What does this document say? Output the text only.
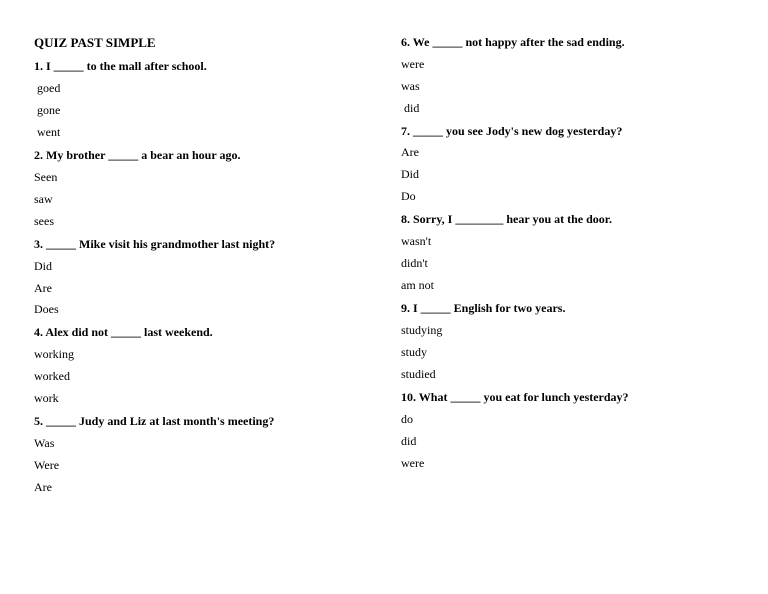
QUIZ PAST SIMPLE
1. I _____ to the mall after school.
goed
gone
went
2. My brother _____ a bear an hour ago.
Seen
saw
sees
3. _____ Mike visit his grandmother last night?
Did
Are
Does
4. Alex did not _____ last weekend.
working
worked
work
5. _____ Judy and Liz at last month's meeting?
Was
Were
Are
6. We _____ not happy after the sad ending.
were
was
did
7. _____ you see Jody's new dog yesterday?
Are
Did
Do
8. Sorry, I ________ hear you at the door.
wasn't
didn't
am not
9. I _____ English for two years.
studying
study
studied
10. What _____ you eat for lunch yesterday?
do
did
were
